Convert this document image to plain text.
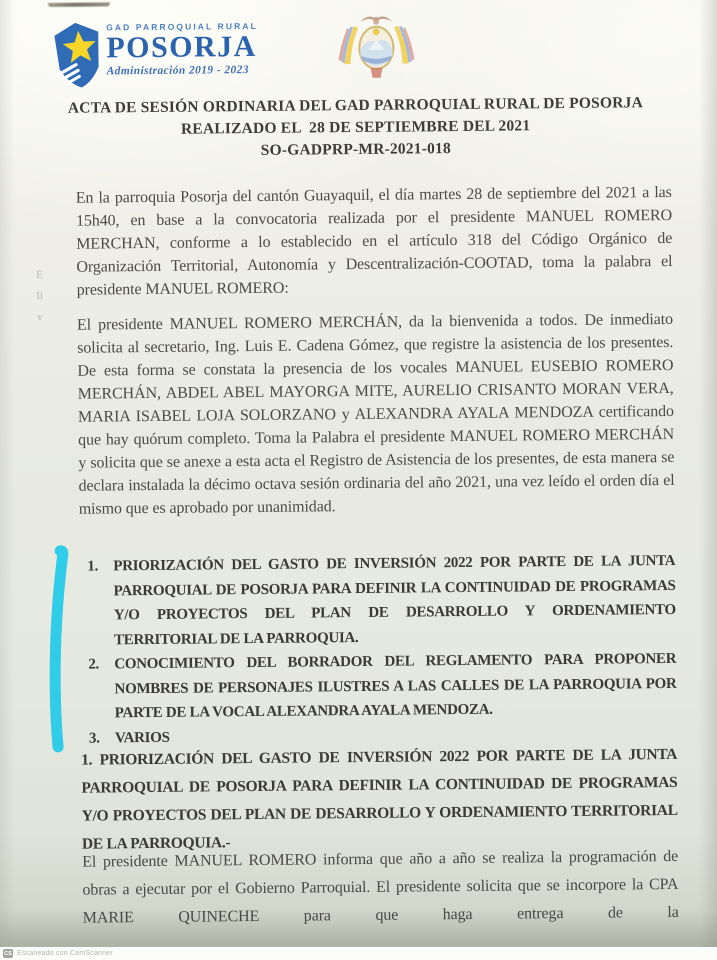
GAD PARROQUIAL RURAL
POSORJA
Administración 2019 - 2023
ACTA DE SESIÓN ORDINARIA DEL GAD PARROQUIAL RURAL DE POSORJA
REALIZADO EL  28 DE SEPTIEMBRE DEL 2021
SO-GADPRP-MR-2021-018
En la parroquia Posorja del cantón Guayaquil, el día martes 28 de septiembre del 2021 a las 15h40, en base a la convocatoria realizada por el presidente MANUEL ROMERO MERCHAN, conforme a lo establecido en el artículo 318 del Código Orgánico de Organización Territorial, Autonomía y Descentralización-COOTAD, toma la palabra el presidente MANUEL ROMERO:
El presidente MANUEL ROMERO MERCHÁN, da la bienvenida a todos. De inmediato solicita al secretario, Ing. Luis E. Cadena Gómez, que registre la asistencia de los presentes. De esta forma se constata la presencia de los vocales MANUEL EUSEBIO ROMERO MERCHÁN, ABDEL ABEL MAYORGA MITE, AURELIO CRISANTO MORAN VERA, MARIA ISABEL LOJA SOLORZANO y ALEXANDRA AYALA MENDOZA certificando que hay quórum completo. Toma la Palabra el presidente MANUEL ROMERO MERCHÁN y solicita que se anexe a esta acta el Registro de Asistencia de los presentes, de esta manera se declara instalada la décimo octava sesión ordinaria del año 2021, una vez leído el orden día el mismo que es aprobado por unanimidad.
1.	PRIORIZACIÓN DEL GASTO DE INVERSIÓN 2022 POR PARTE DE LA JUNTA PARROQUIAL DE POSORJA PARA DEFINIR LA CONTINUIDAD DE PROGRAMAS Y/O PROYECTOS DEL PLAN DE DESARROLLO Y ORDENAMIENTO TERRITORIAL DE LA PARROQUIA.
2.	CONOCIMIENTO DEL BORRADOR DEL REGLAMENTO PARA PROPONER NOMBRES DE PERSONAJES ILUSTRES A LAS CALLES DE LA PARROQUIA POR PARTE DE LA VOCAL ALEXANDRA AYALA MENDOZA.
3.	VARIOS
1. PRIORIZACIÓN DEL GASTO DE INVERSIÓN 2022 POR PARTE DE LA JUNTA PARROQUIAL DE POSORJA PARA DEFINIR LA CONTINUIDAD DE PROGRAMAS Y/O PROYECTOS DEL PLAN DE DESARROLLO Y ORDENAMIENTO TERRITORIAL DE LA PARROQUIA.-
El presidente MANUEL ROMERO informa que año a año se realiza la programación de obras a ejecutar por el Gobierno Parroquial. El presidente solicita que se incorpore la CPA MARIE QUINECHE para que haga entrega de la
E
Ii
v
CS Escaneado con CamScanner
